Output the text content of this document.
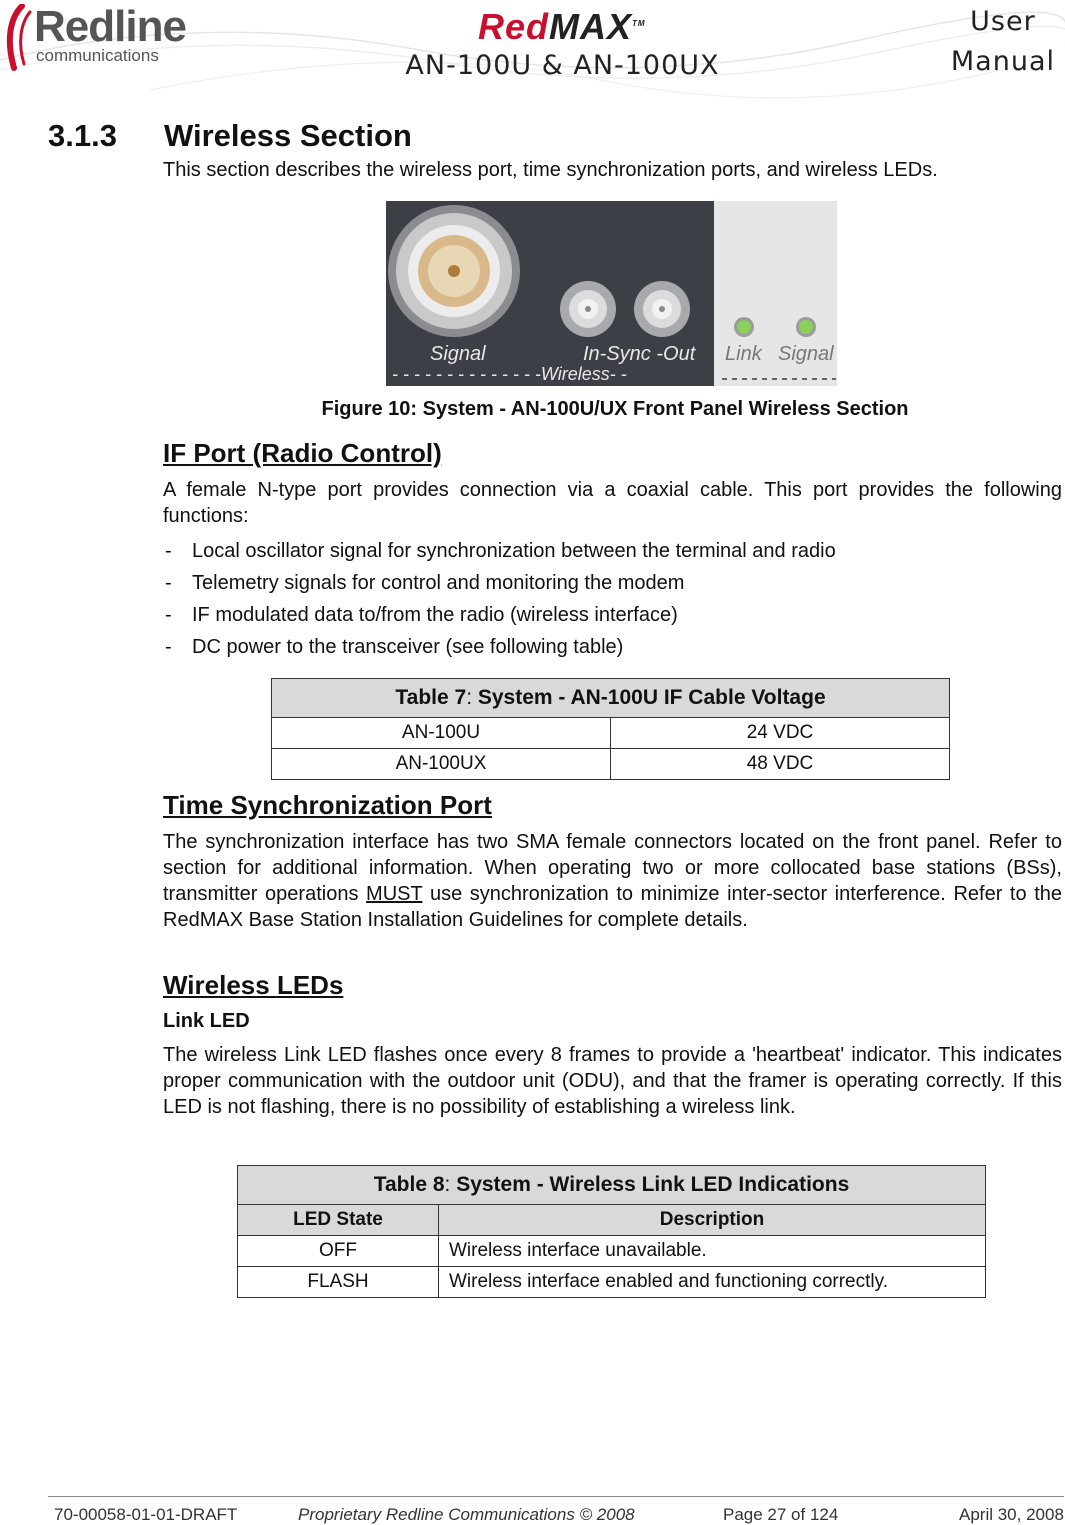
Redline
communications
RedMAX™
AN-100U & AN-100UX
User
Manual
3.1.3 Wireless Section
This section describes the wireless port, time synchronization ports, and wireless LEDs.
Signal	In-Sync -Out
- - - - - - - - - - - - - -Wireless- -
Link Signal
Figure 10: System - AN-100U/UX Front Panel Wireless Section
IF Port (Radio Control)
A female N-type port provides connection via a coaxial cable. This port provides the following functions:
- Local oscillator signal for synchronization between the terminal and radio
- Telemetry signals for control and monitoring the modem
- IF modulated data to/from the radio (wireless interface)
- DC power to the transceiver (see following table)
Table 7: System - AN-100U IF Cable Voltage	
AN-100U	24 VDC
AN-100UX	48 VDC
Time Synchronization Port
The synchronization interface has two SMA female connectors located on the front panel. Refer to section for additional information. When operating two or more collocated base stations (BSs), transmitter operations MUST use synchronization to minimize inter-sector interference. Refer to the RedMAX Base Station Installation Guidelines for complete details.
Wireless LEDs
Link LED
The wireless Link LED flashes once every 8 frames to provide a 'heartbeat' indicator. This indicates proper communication with the outdoor unit (ODU), and that the framer is operating correctly. If this LED is not flashing, there is no possibility of establishing a wireless link.
Table 8: System - Wireless Link LED Indications	
LED State	Description
OFF	Wireless interface unavailable.
FLASH	Wireless interface enabled and functioning correctly.
70-00058-01-01-DRAFT	Proprietary Redline Communications © 2008	Page 27 of 124	April 30, 2008
